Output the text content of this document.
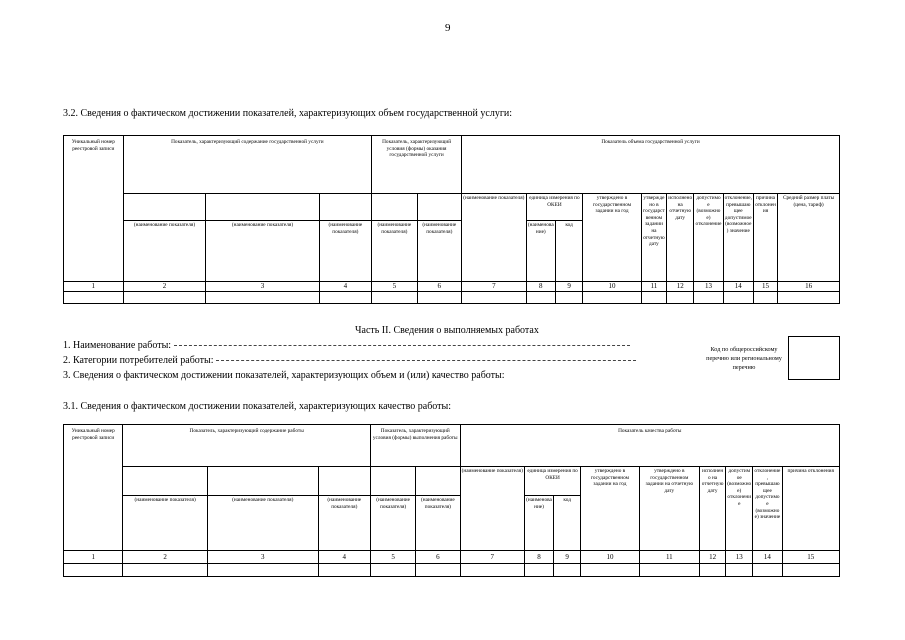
9
3.2. Сведения о фактическом достижении показателей, характеризующих объем государственной услуги:
Уникальный номер реестровой записи	Показатель, характеризующий содержание государственной услуги			Показатель, характеризующий условия (формы) оказания государственной услуги		Показатель объема государственной услуги									
						(наименование показателя)	единица измерения по ОКЕИ		утверждено в государственном задании на год	утверждено в государственном задании на отчетную дату	исполнено на отчетную дату	допустимое (возможное) отклонение	отклонение, превышающее допустимое (возможное) значение	причина отклонения	Средний размер платы (цена, тариф)
	(наименование показателя)	(наименование показателя)	(наименование показателя)	(наименование показателя)	(наименование показателя)		(наименование)	код							
1	2	3	4	5	6	7	8	9	10	11	12	13	14	15	16

Часть II. Сведения о выполняемых работах
1. Наименование работы:
2. Категории потребителей работы:
3. Сведения о фактическом достижении показателей, характеризующих объем и (или) качество работы:
Код по общероссийскому перечню или региональному перечню
3.1. Сведения о фактическом достижении показателей, характеризующих качество работы:
Уникальный номер реестровой записи	Показатель, характеризующий содержание работы			Показатель, характеризующий условия (формы) выполнения работы		Показатель качества работы								
						(наименование показателя)	единица измерения по ОКЕИ		утверждено в государственном задании на год	утверждено в государственном задании на отчетную дату	исполнено на отчетную дату	допустимое (возможное) отклонение	отклонение, превышающее допустимое (возможное) значение	причина отклонения
	(наименование показателя)	(наименование показателя)	(наименование показателя)	(наименование показателя)	(наименование показателя)		(наименование)	код						
1	2	3	4	5	6	7	8	9	10	11	12	13	14	15
